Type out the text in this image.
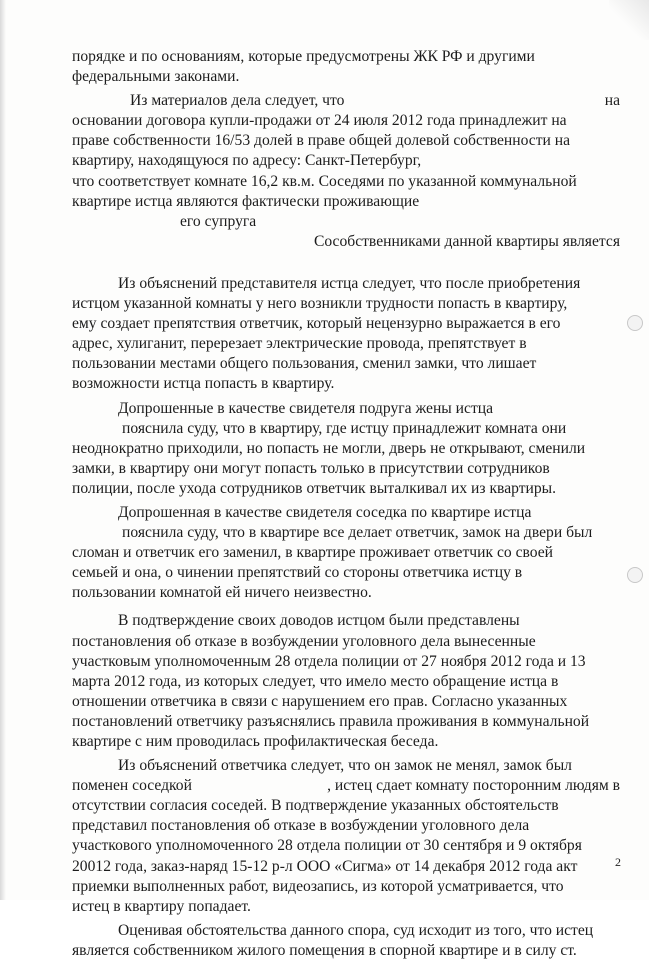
порядке и по основаниям, которые предусмотрены ЖК РФ и другими
федеральными законами.
Из материалов дела следует, что	на
основании договора купли-продажи от 24 июля 2012 года принадлежит на
праве собственности 16/53 долей в праве общей долевой собственности на
квартиру, находящуюся по адресу: Санкт-Петербург,
что соответствует комнате 16,2 кв.м. Соседями по указанной коммунальной
квартире истца являются фактически проживающие
его супруга
Сособственниками данной квартиры является
Из объяснений представителя истца следует, что после приобретения
истцом указанной комнаты у него возникли трудности попасть в квартиру,
ему создает препятствия ответчик, который нецензурно выражается в его
адрес, хулиганит, перерезает электрические провода, препятствует в
пользовании местами общего пользования, сменил замки, что лишает
возможности истца попасть в квартиру.
Допрошенные в качестве свидетеля подруга жены истца
пояснила суду, что в квартиру, где истцу принадлежит комната они
неоднократно приходили, но попасть не могли, дверь не открывают, сменили
замки, в квартиру они могут попасть только в присутствии сотрудников
полиции, после ухода сотрудников ответчик выталкивал их из квартиры.
Допрошенная в качестве свидетеля соседка по квартире истца
пояснила суду, что в квартире все делает ответчик, замок на двери был
сломан и ответчик его заменил, в квартире проживает ответчик со своей
семьей и она, о чинении препятствий со стороны ответчика истцу в
пользовании комнатой ей ничего неизвестно.
В подтверждение своих доводов истцом были представлены
постановления об отказе в возбуждении уголовного дела вынесенные
участковым уполномоченным 28 отдела полиции от 27 ноября 2012 года и 13
марта 2012 года, из которых следует, что имело место обращение истца в
отношении ответчика в связи с нарушением его прав. Согласно указанных
постановлений ответчику разъяснялись правила проживания в коммунальной
квартире с ним проводилась профилактическая беседа.
Из объяснений ответчика следует, что он замок не менял, замок был
поменен соседкой	, истец сдает комнату посторонним людям в
отсутствии согласия соседей. В подтверждение указанных обстоятельств
представил постановления об отказе в возбуждении уголовного дела
участкового уполномоченного 28 отдела полиции от 30 сентября и 9 октября
20012 года, заказ-наряд 15-12 р-л ООО «Сигма» от 14 декабря 2012 года акт
приемки выполненных работ, видеозапись, из которой усматривается, что
истец в квартиру попадает.
Оценивая обстоятельства данного спора, суд исходит из того, что истец
является собственником жилого помещения в спорной квартире и в силу ст.
2
